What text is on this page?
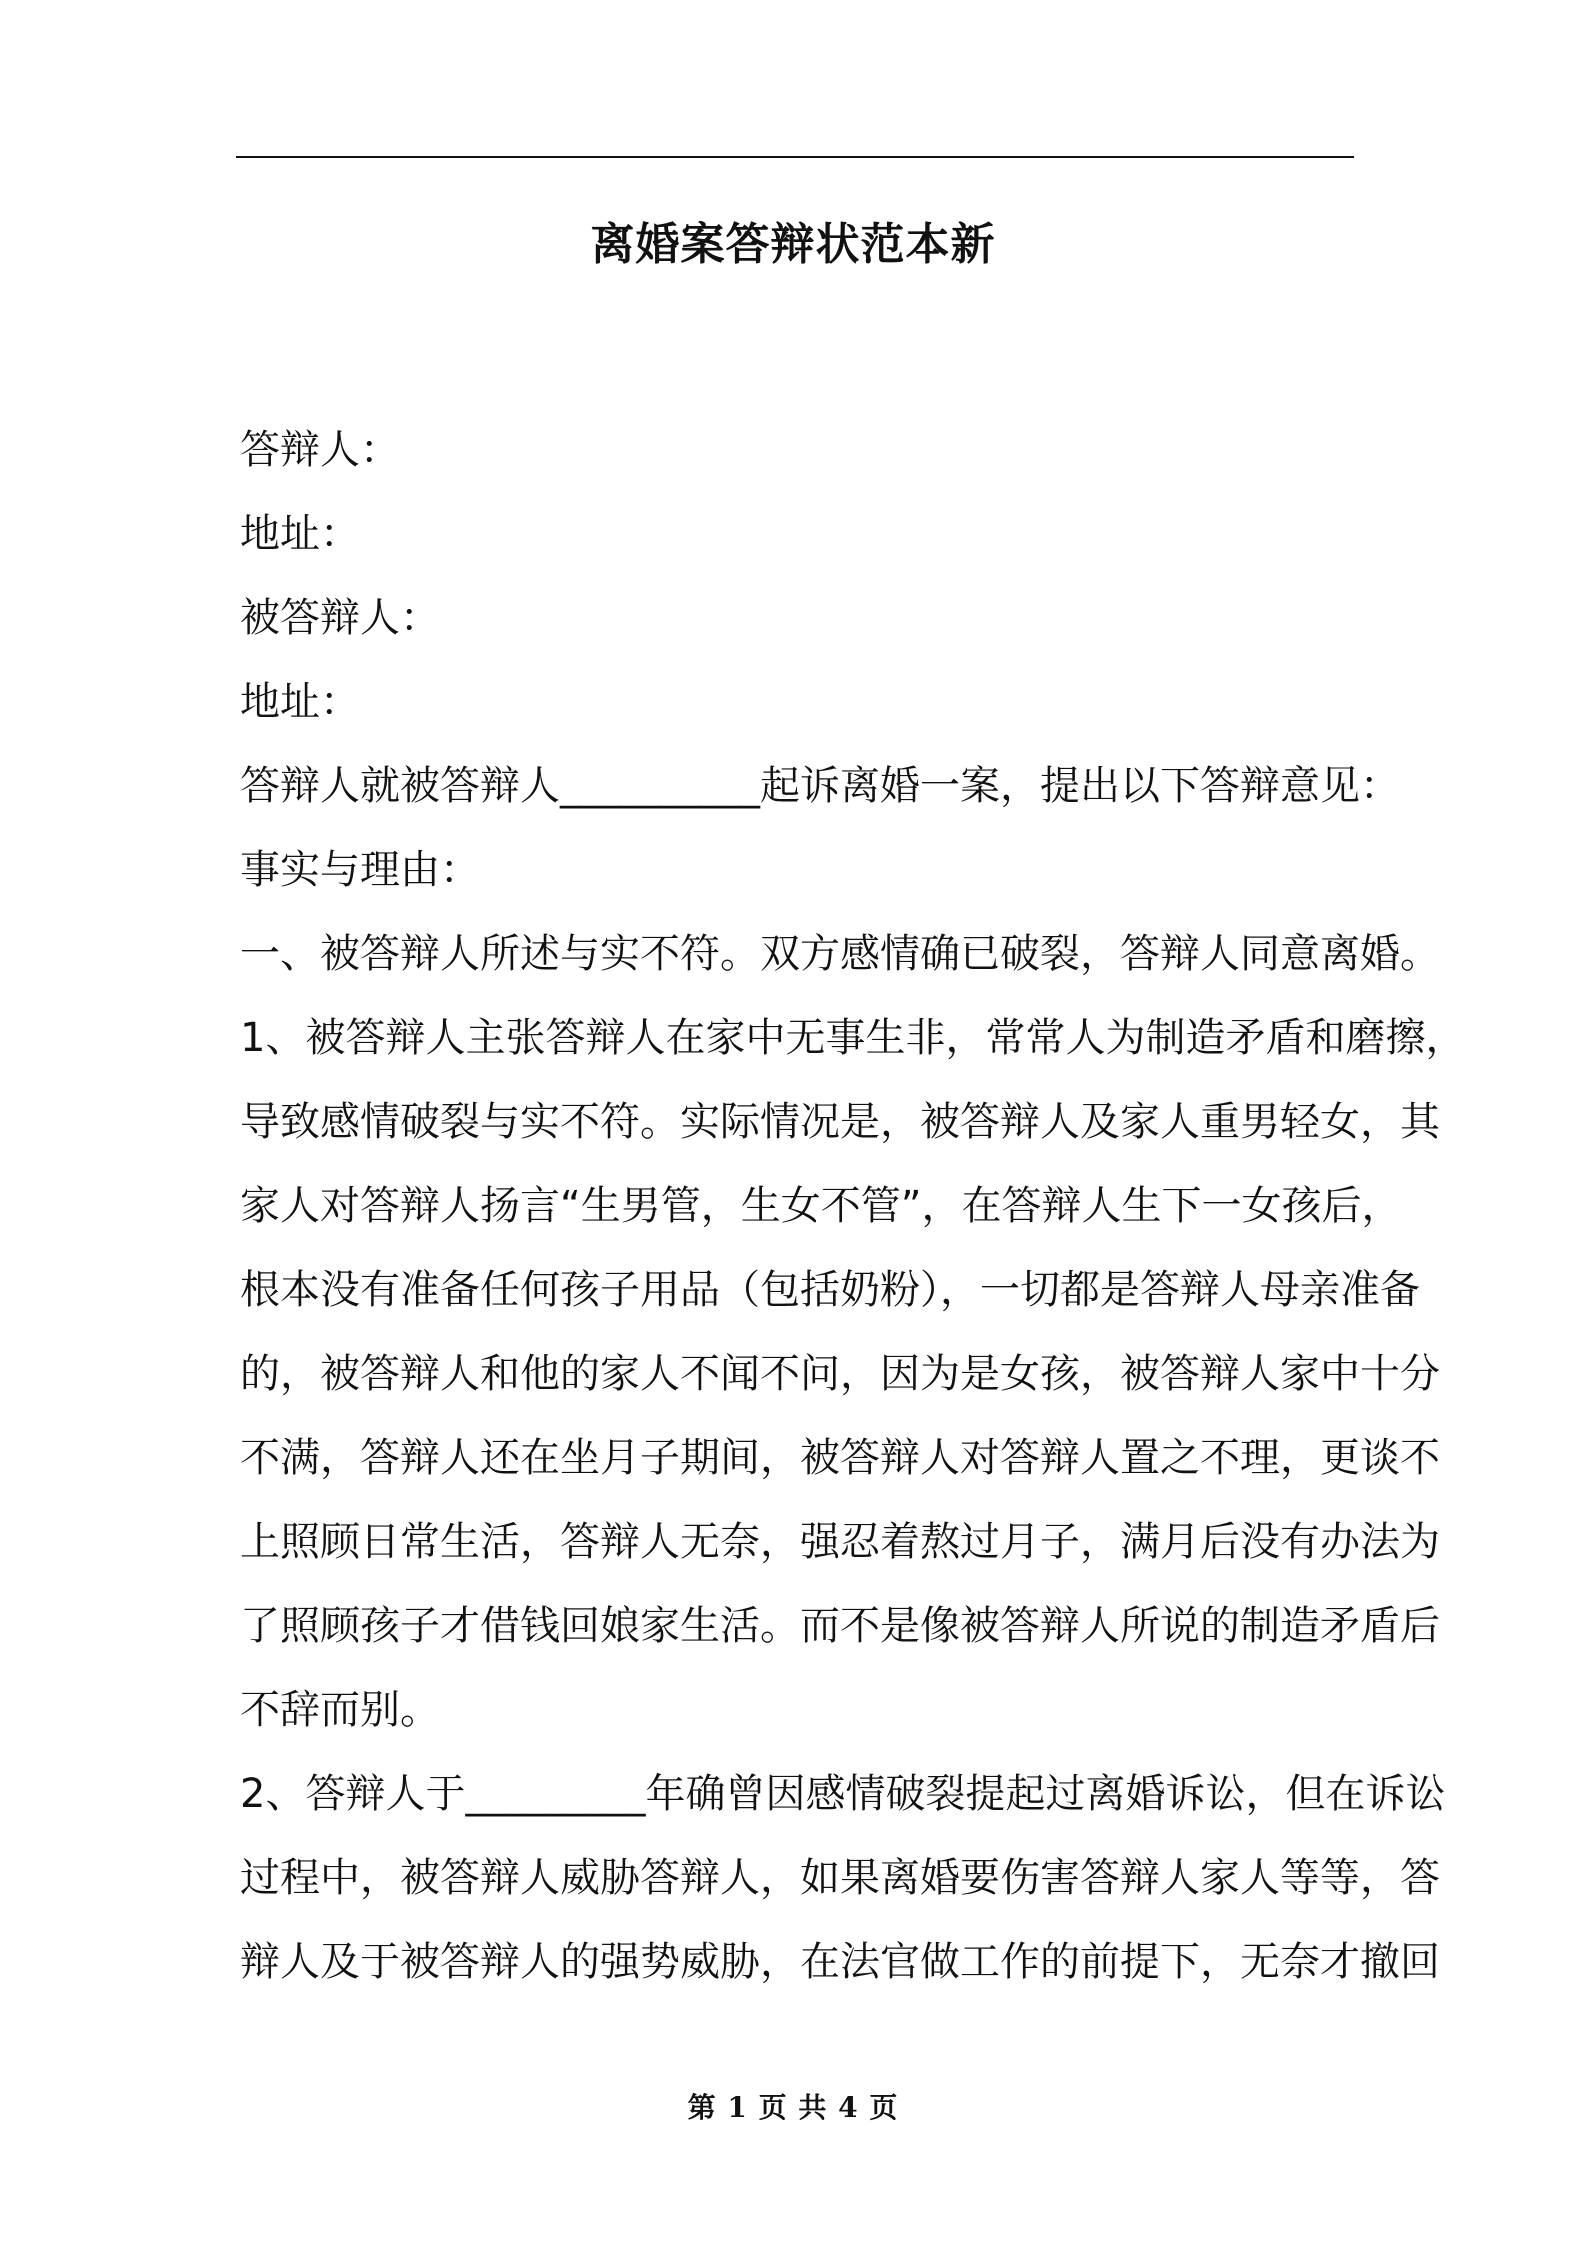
离婚案答辩状范本新
答辩人：
地址：
被答辩人：
地址：
答辩人就被答辩人__________起诉离婚一案，提出以下答辩意见：
事实与理由：
一、被答辩人所述与实不符。双方感情确已破裂，答辩人同意离婚。
1、被答辩人主张答辩人在家中无事生非，常常人为制造矛盾和磨擦，
导致感情破裂与实不符。实际情况是，被答辩人及家人重男轻女，其
家人对答辩人扬言“生男管，生女不管”，在答辩人生下一女孩后，
根本没有准备任何孩子用品（包括奶粉），一切都是答辩人母亲准备
的，被答辩人和他的家人不闻不问，因为是女孩，被答辩人家中十分
不满，答辩人还在坐月子期间，被答辩人对答辩人置之不理，更谈不
上照顾日常生活，答辩人无奈，强忍着熬过月子，满月后没有办法为
了照顾孩子才借钱回娘家生活。而不是像被答辩人所说的制造矛盾后
不辞而别。
2、答辩人于_________年确曾因感情破裂提起过离婚诉讼，但在诉讼
过程中，被答辩人威胁答辩人，如果离婚要伤害答辩人家人等等，答
辩人及于被答辩人的强势威胁，在法官做工作的前提下，无奈才撤回
第 1 页 共 4 页
